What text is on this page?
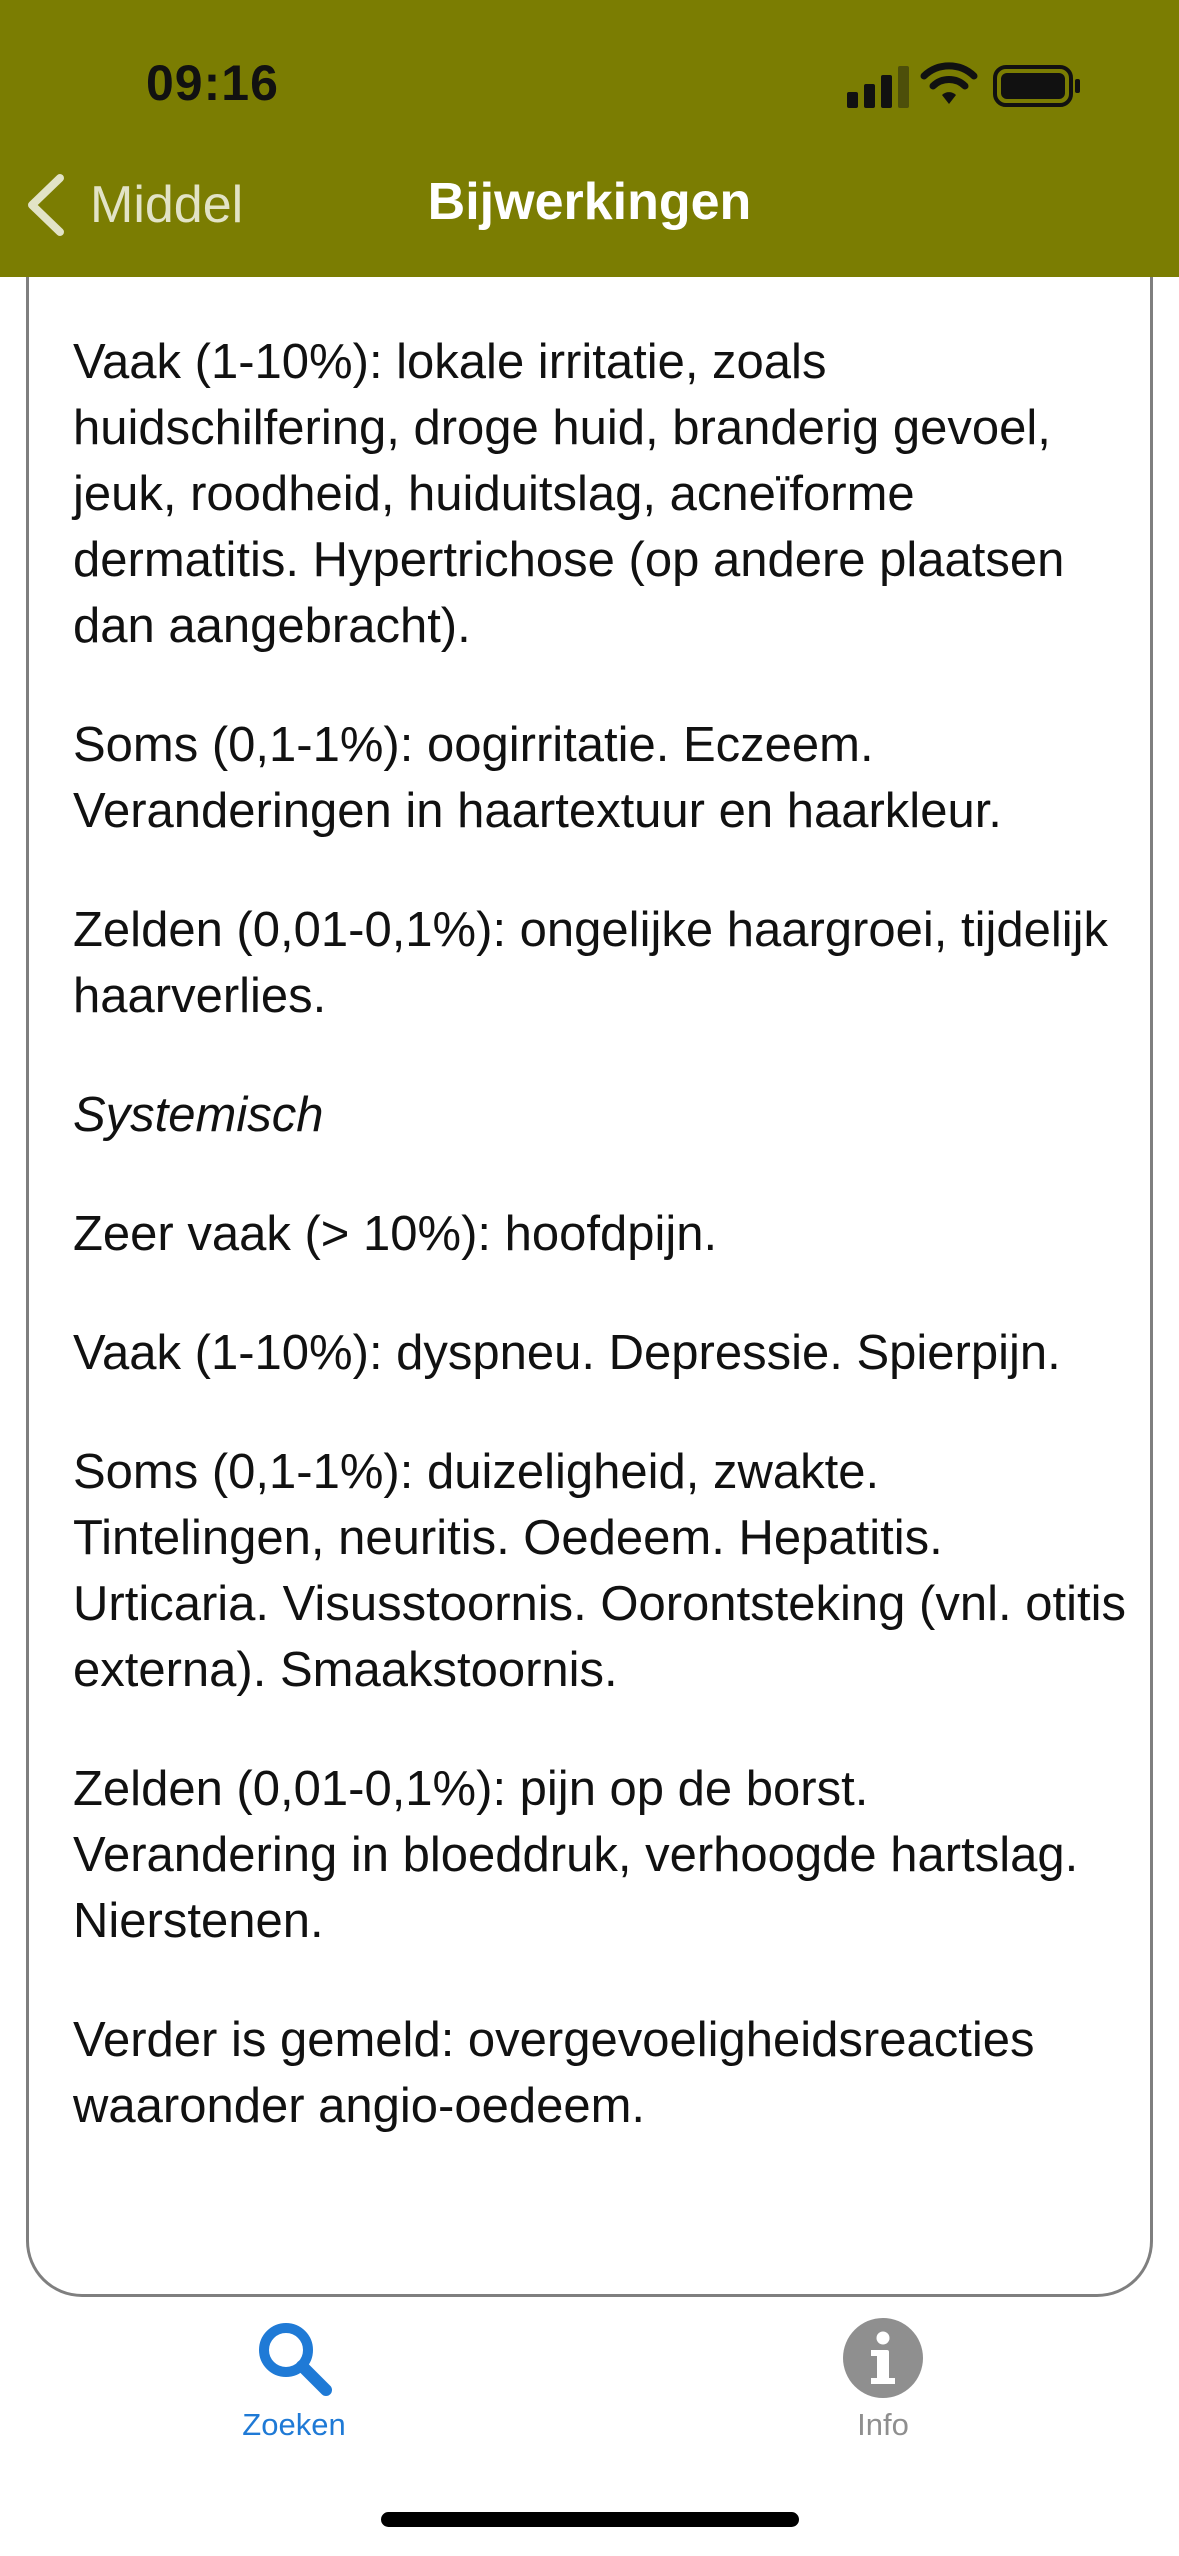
09:16
Middel	Bijwerkingen

Vaak (1-10%): lokale irritatie, zoals huidschilfering, droge huid, branderig gevoel, jeuk, roodheid, huiduitslag, acneïforme dermatitis. Hypertrichose (op andere plaatsen dan aangebracht).

Soms (0,1-1%): oogirritatie. Eczeem. Veranderingen in haartextuur en haarkleur.

Zelden (0,01-0,1%): ongelijke haargroei, tijdelijk haarverlies.

Systemisch

Zeer vaak (> 10%): hoofdpijn.

Vaak (1-10%): dyspneu. Depressie. Spierpijn.

Soms (0,1-1%): duizeligheid, zwakte. Tintelingen, neuritis. Oedeem. Hepatitis. Urticaria. Visusstoornis. Oorontsteking (vnl. otitis externa). Smaakstoornis.

Zelden (0,01-0,1%): pijn op de borst. Verandering in bloeddruk, verhoogde hartslag. Nierstenen.

Verder is gemeld: overgevoeligheidsreacties waaronder angio-oedeem.

Zoeken	Info
